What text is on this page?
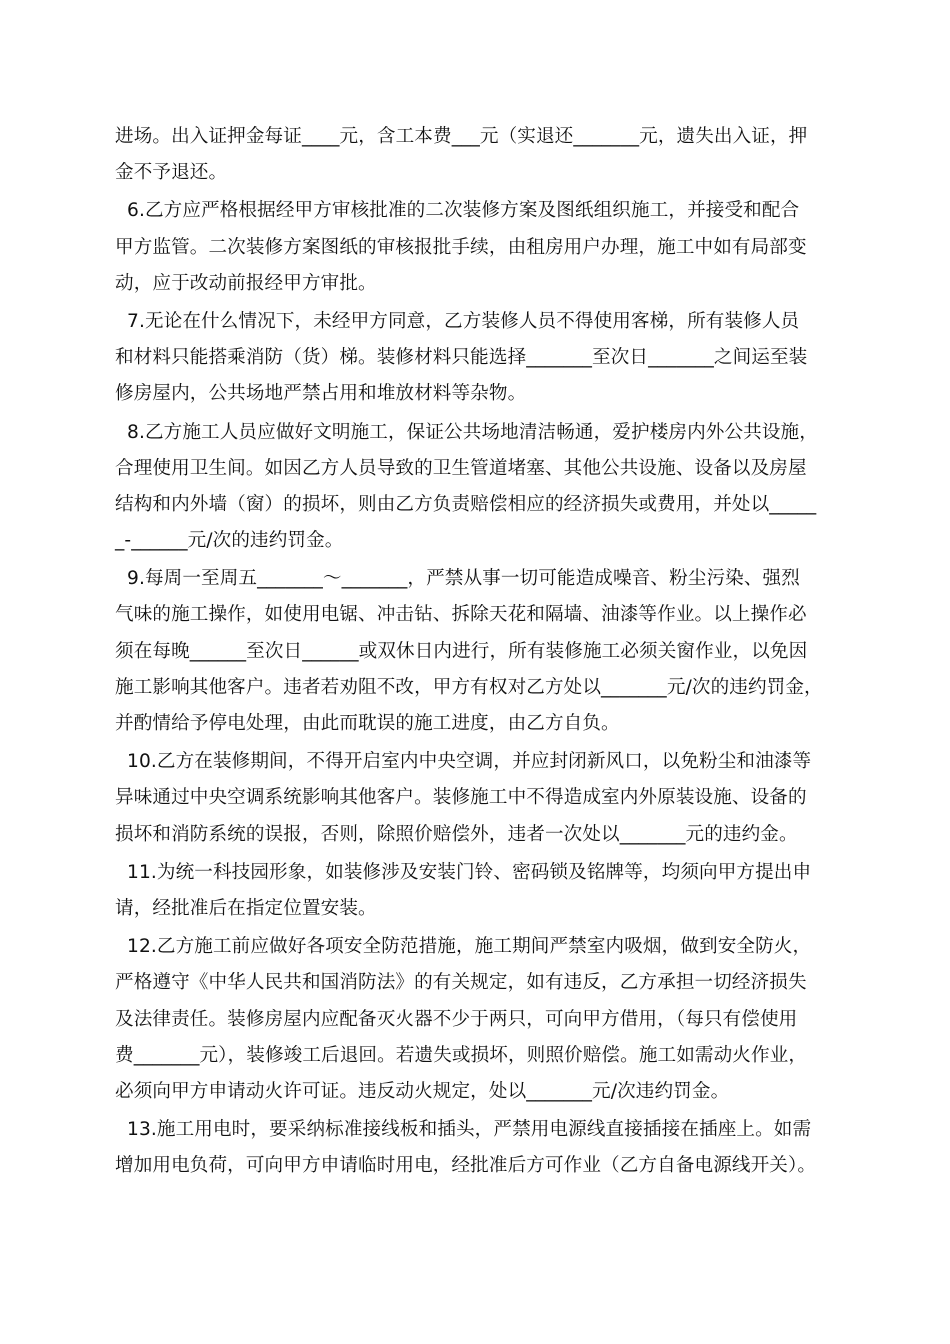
进场。出入证押金每证____元，含工本费___元（实退还_______元，遗失出入证，押
金不予退还。
6.乙方应严格根据经甲方审核批准的二次装修方案及图纸组织施工，并接受和配合
甲方监管。二次装修方案图纸的审核报批手续，由租房用户办理，施工中如有局部变
动，应于改动前报经甲方审批。
7.无论在什么情况下，未经甲方同意，乙方装修人员不得使用客梯，所有装修人员
和材料只能搭乘消防（货）梯。装修材料只能选择_______至次日_______之间运至装
修房屋内，公共场地严禁占用和堆放材料等杂物。
8.乙方施工人员应做好文明施工，保证公共场地清洁畅通，爱护楼房内外公共设施，
合理使用卫生间。如因乙方人员导致的卫生管道堵塞、其他公共设施、设备以及房屋
结构和内外墙（窗）的损坏，则由乙方负责赔偿相应的经济损失或费用，并处以_____
_-______元/次的违约罚金。
9.每周一至周五_______～_______，严禁从事一切可能造成噪音、粉尘污染、强烈
气味的施工操作，如使用电锯、冲击钻、拆除天花和隔墙、油漆等作业。以上操作必
须在每晚______至次日______或双休日内进行，所有装修施工必须关窗作业，以免因
施工影响其他客户。违者若劝阻不改，甲方有权对乙方处以_______元/次的违约罚金，
并酌情给予停电处理，由此而耽误的施工进度，由乙方自负。
10.乙方在装修期间，不得开启室内中央空调，并应封闭新风口，以免粉尘和油漆等
异味通过中央空调系统影响其他客户。装修施工中不得造成室内外原装设施、设备的
损坏和消防系统的误报，否则，除照价赔偿外，违者一次处以_______元的违约金。
11.为统一科技园形象，如装修涉及安装门铃、密码锁及铭牌等，均须向甲方提出申
请，经批准后在指定位置安装。
12.乙方施工前应做好各项安全防范措施，施工期间严禁室内吸烟，做到安全防火，
严格遵守《中华人民共和国消防法》的有关规定，如有违反，乙方承担一切经济损失
及法律责任。装修房屋内应配备灭火器不少于两只，可向甲方借用，（每只有偿使用
费_______元），装修竣工后退回。若遗失或损坏，则照价赔偿。施工如需动火作业，
必须向甲方申请动火许可证。违反动火规定，处以_______元/次违约罚金。
13.施工用电时，要采纳标准接线板和插头，严禁用电源线直接插接在插座上。如需
增加用电负荷，可向甲方申请临时用电，经批准后方可作业（乙方自备电源线开关）。
